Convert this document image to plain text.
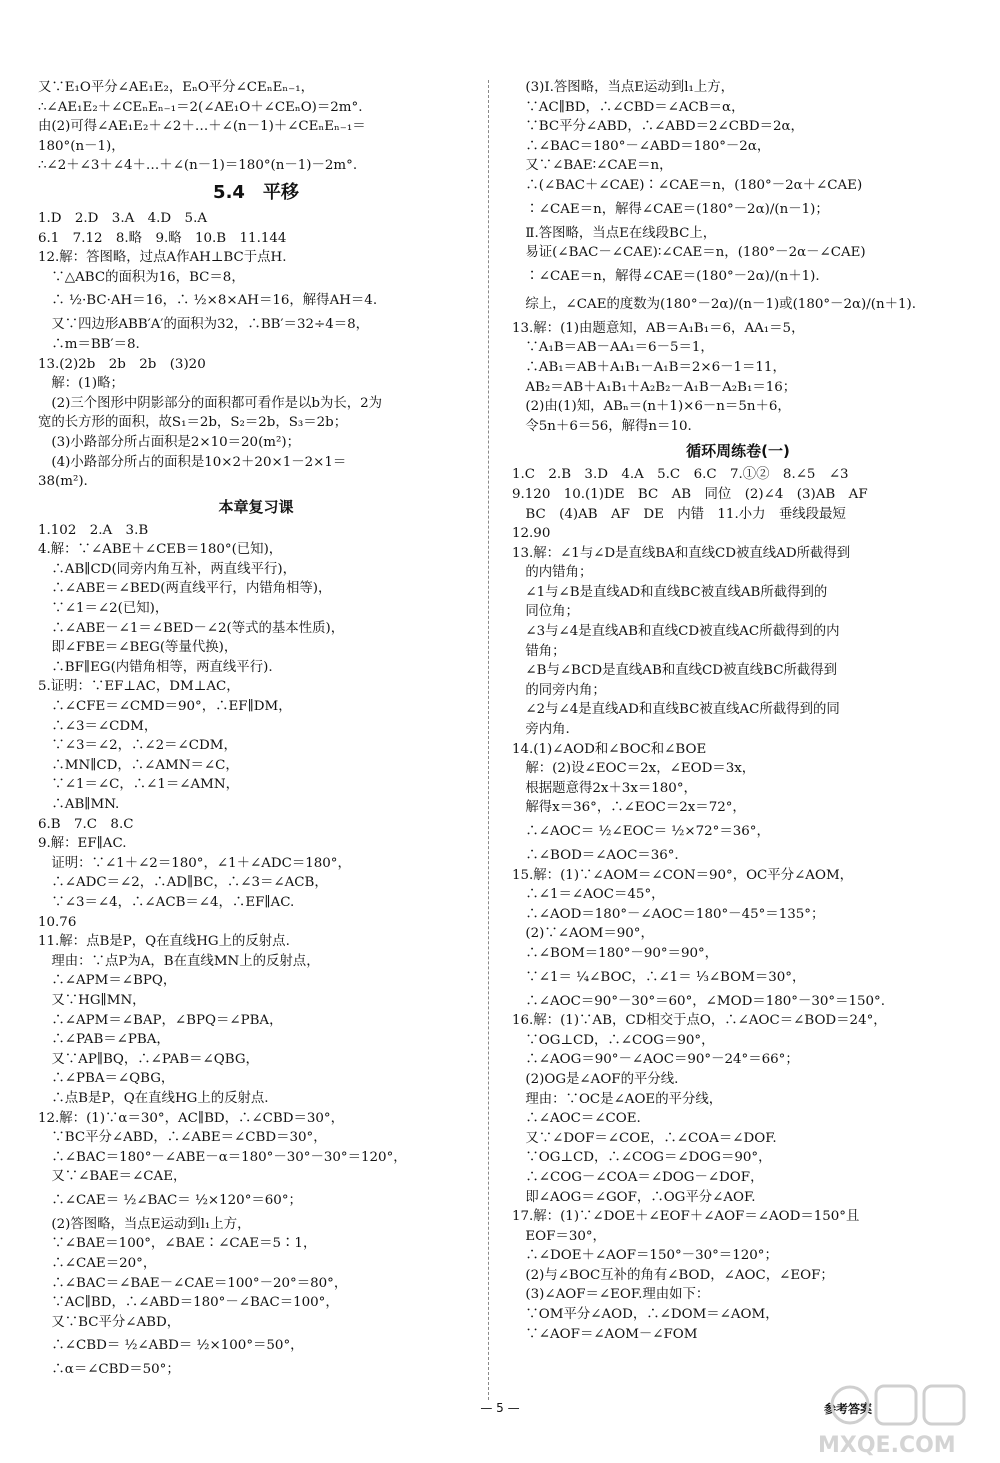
又∵E₁O平分∠AE₁E₂，EₙO平分∠CEₙEₙ₋₁，
∴∠AE₁E₂＋∠CEₙEₙ₋₁＝2(∠AE₁O＋∠CEₙO)＝2m°.
由(2)可得∠AE₁E₂＋∠2＋…＋∠(n－1)＋∠CEₙEₙ₋₁＝
180°(n－1)，
∴∠2＋∠3＋∠4＋…＋∠(n－1)＝180°(n－1)－2m°.
5.4　平移
1.D　2.D　3.A　4.D　5.A
6.1　7.12　8.略　9.略　10.B　11.144
12.解：答图略，过点A作AH⊥BC于点H.
　∵△ABC的面积为16，BC＝8，
　∴ ½·BC·AH＝16，∴ ½×8×AH＝16，解得AH＝4.
　又∵四边形ABB′A′的面积为32，∴BB′＝32÷4＝8，
　∴m＝BB′＝8.
13.(2)2b　2b　2b　(3)20
　解：(1)略；
　(2)三个图形中阴影部分的面积都可看作是以b为长，2为
宽的长方形的面积，故S₁＝2b，S₂＝2b，S₃＝2b；
　(3)小路部分所占面积是2×10＝20(m²)；
　(4)小路部分所占的面积是10×2＋20×1－2×1＝
38(m²).
本章复习课
1.102　2.A　3.B
4.解：∵∠ABE＋∠CEB＝180°(已知)，
　∴AB∥CD(同旁内角互补，两直线平行)，
　∴∠ABE＝∠BED(两直线平行，内错角相等)，
　∵∠1＝∠2(已知)，
　∴∠ABE－∠1＝∠BED－∠2(等式的基本性质)，
　即∠FBE＝∠BEG(等量代换)，
　∴BF∥EG(内错角相等，两直线平行).
5.证明：∵EF⊥AC，DM⊥AC，
　∴∠CFE＝∠CMD＝90°，∴EF∥DM，
　∴∠3＝∠CDM，
　∵∠3＝∠2，∴∠2＝∠CDM，
　∴MN∥CD，∴∠AMN＝∠C，
　∵∠1＝∠C，∴∠1＝∠AMN，
　∴AB∥MN.
6.B　7.C　8.C
9.解：EF∥AC.
　证明：∵∠1＋∠2＝180°，∠1＋∠ADC＝180°，
　∴∠ADC＝∠2，∴AD∥BC，∴∠3＝∠ACB，
　∵∠3＝∠4，∴∠ACB＝∠4，∴EF∥AC.
10.76
11.解：点B是P，Q在直线HG上的反射点.
　理由：∵点P为A，B在直线MN上的反射点，
　∴∠APM＝∠BPQ，
　又∵HG∥MN，
　∴∠APM＝∠BAP，∠BPQ＝∠PBA，
　∴∠PAB＝∠PBA，
　又∵AP∥BQ，∴∠PAB＝∠QBG，
　∴∠PBA＝∠QBG，
　∴点B是P，Q在直线HG上的反射点.
12.解：(1)∵α＝30°，AC∥BD，∴∠CBD＝30°，
　∵BC平分∠ABD，∴∠ABE＝∠CBD＝30°，
　∴∠BAC＝180°－∠ABE－α＝180°－30°－30°＝120°，
　又∵∠BAE＝∠CAE，
　∴∠CAE＝ ½∠BAC＝ ½×120°＝60°；
　(2)答图略，当点E运动到l₁上方，
　∵∠BAE＝100°，∠BAE∶∠CAE＝5∶1，
　∴∠CAE＝20°，
　∴∠BAC＝∠BAE－∠CAE＝100°－20°＝80°，
　∵AC∥BD，∴∠ABD＝180°－∠BAC＝100°，
　又∵BC平分∠ABD，
　∴∠CBD＝ ½∠ABD＝ ½×100°＝50°，
　∴α＝∠CBD＝50°；
　(3)Ⅰ.答图略，当点E运动到l₁上方，
　∵AC∥BD，∴∠CBD＝∠ACB＝α，
　∵BC平分∠ABD，∴∠ABD＝2∠CBD＝2α，
　∴∠BAC＝180°－∠ABD＝180°－2α，
　又∵∠BAE∶∠CAE＝n，
　∴(∠BAC＋∠CAE)∶∠CAE＝n，(180°－2α＋∠CAE)
　∶∠CAE＝n，解得∠CAE＝(180°－2α)/(n－1)；
　Ⅱ.答图略，当点E在线段BC上，
　易证(∠BAC－∠CAE)∶∠CAE＝n，(180°－2α－∠CAE)
　∶∠CAE＝n，解得∠CAE＝(180°－2α)/(n＋1).
　综上，∠CAE的度数为(180°－2α)/(n－1)或(180°－2α)/(n＋1).
13.解：(1)由题意知，AB＝A₁B₁＝6，AA₁＝5，
　∵A₁B＝AB－AA₁＝6－5＝1，
　∴AB₁＝AB＋A₁B₁－A₁B＝2×6－1＝11，
　AB₂＝AB＋A₁B₁＋A₂B₂－A₁B－A₂B₁＝16；
　(2)由(1)知，ABₙ＝(n＋1)×6－n＝5n＋6，
　令5n＋6＝56，解得n＝10.
循环周练卷(一)
1.C　2.B　3.D　4.A　5.C　6.C　7.①②　8.∠5　∠3
9.120　10.(1)DE　BC　AB　同位　(2)∠4　(3)AB　AF
　BC　(4)AB　AF　DE　内错　11.小力　垂线段最短
12.90
13.解：∠1与∠D是直线BA和直线CD被直线AD所截得到
　的内错角；
　∠1与∠B是直线AD和直线BC被直线AB所截得到的
　同位角；
　∠3与∠4是直线AB和直线CD被直线AC所截得到的内
　错角；
　∠B与∠BCD是直线AB和直线CD被直线BC所截得到
　的同旁内角；
　∠2与∠4是直线AD和直线BC被直线AC所截得到的同
　旁内角.
14.(1)∠AOD和∠BOC和∠BOE
　解：(2)设∠EOC＝2x，∠EOD＝3x，
　根据题意得2x＋3x＝180°，
　解得x＝36°，∴∠EOC＝2x＝72°，
　∴∠AOC＝ ½∠EOC＝ ½×72°＝36°，
　∴∠BOD＝∠AOC＝36°.
15.解：(1)∵∠AOM＝∠CON＝90°，OC平分∠AOM，
　∴∠1＝∠AOC＝45°，
　∴∠AOD＝180°－∠AOC＝180°－45°＝135°；
　(2)∵∠AOM＝90°，
　∴∠BOM＝180°－90°＝90°，
　∵∠1＝ ¼∠BOC，∴∠1＝ ⅓∠BOM＝30°，
　∴∠AOC＝90°－30°＝60°，∠MOD＝180°－30°＝150°.
16.解：(1)∵AB，CD相交于点O，∴∠AOC＝∠BOD＝24°，
　∵OG⊥CD，∴∠COG＝90°，
　∴∠AOG＝90°－∠AOC＝90°－24°＝66°；
　(2)OG是∠AOF的平分线.
　理由：∵OC是∠AOE的平分线，
　∴∠AOC＝∠COE.
　又∵∠DOF＝∠COE，∴∠COA＝∠DOF.
　∵OG⊥CD，∴∠COG＝∠DOG＝90°，
　∴∠COG－∠COA＝∠DOG－∠DOF，
　即∠AOG＝∠GOF，∴OG平分∠AOF.
17.解：(1)∵∠DOE＋∠EOF＋∠AOF＝∠AOD＝150°且
　EOF＝30°，
　∴∠DOE＋∠AOF＝150°－30°＝120°；
　(2)与∠BOC互补的角有∠BOD，∠AOC，∠EOF；
　(3)∠AOF＝∠EOF.理由如下：
　∵OM平分∠AOD，∴∠DOM＝∠AOM，
　∵∠AOF＝∠AOM－∠FOM
— 5 —	参考答案
MXQE.COM
